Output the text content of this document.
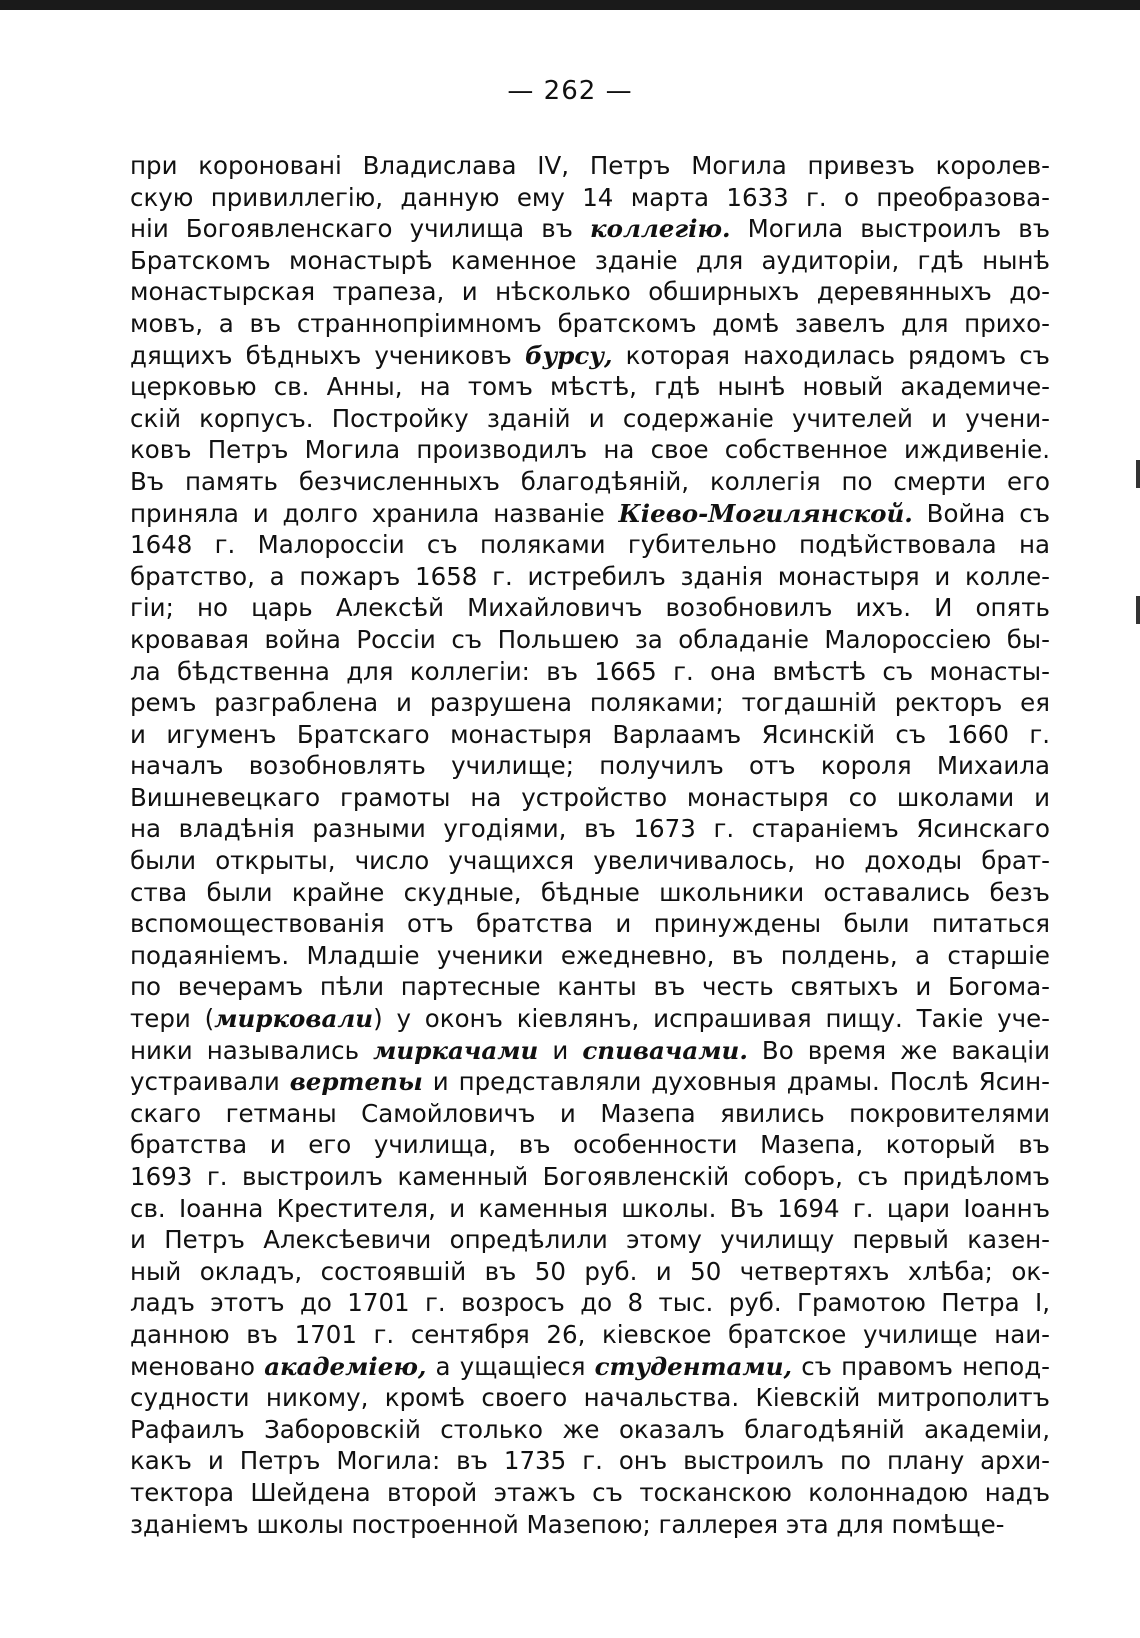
— 262 —
при короновані Владислава IV, Петръ Могила привезъ королев-
скую привиллегію, данную ему 14 марта 1633 г. о преобразова-
ніи Богоявленскаго училища въ коллегію. Могила выстроилъ въ
Братскомъ монастырѣ каменное зданіе для аудиторіи, гдѣ нынѣ
монастырская трапеза, и нѣсколько обширныхъ деревянныхъ до-
мовъ, а въ страннопріимномъ братскомъ домѣ завелъ для прихо-
дящихъ бѣдныхъ учениковъ бурсу, которая находилась рядомъ съ
церковью св. Анны, на томъ мѣстѣ, гдѣ нынѣ новый академиче-
скій корпусъ. Постройку зданій и содержаніе учителей и учени-
ковъ Петръ Могила производилъ на свое собственное иждивеніе.
Въ память безчисленныхъ благодѣяній, коллегія по смерти его
приняла и долго хранила названіе Кіево-Могилянской. Война съ
1648 г. Малороссіи съ поляками губительно подѣйствовала на
братство, а пожаръ 1658 г. истребилъ зданія монастыря и колле-
гіи; но царь Алексѣй Михайловичъ возобновилъ ихъ. И опять
кровавая война Россіи съ Польшею за обладаніе Малороссіею бы-
ла бѣдственна для коллегіи: въ 1665 г. она вмѣстѣ съ монасты-
ремъ разграблена и разрушена поляками; тогдашній ректоръ ея
и игуменъ Братскаго монастыря Варлаамъ Ясинскій съ 1660 г.
началъ возобновлять училище; получилъ отъ короля Михаила
Вишневецкаго грамоты на устройство монастыря со школами и
на владѣнія разными угодіями, въ 1673 г. стараніемъ Ясинскаго
были открыты, число учащихся увеличивалось, но доходы брат-
ства были крайне скудные, бѣдные школьники оставались безъ
вспомоществованія отъ братства и принуждены были питаться
подаяніемъ. Младшіе ученики ежедневно, въ полдень, а старшіе
по вечерамъ пѣли партесные канты въ честь святыхъ и Богома-
тери (мирковали) у оконъ кіевлянъ, испрашивая пищу. Такіе уче-
ники назывались миркачами и спивачами. Во время же вакаціи
устраивали вертепы и представляли духовныя драмы. Послѣ Ясин-
скаго гетманы Самойловичъ и Мазепа явились покровителями
братства и его училища, въ особенности Мазепа, который въ
1693 г. выстроилъ каменный Богоявленскій соборъ, съ придѣломъ
св. Іоанна Крестителя, и каменныя школы. Въ 1694 г. цари Іоаннъ
и Петръ Алексѣевичи опредѣлили этому училищу первый казен-
ный окладъ, состоявшій въ 50 руб. и 50 четвертяхъ хлѣба; ок-
ладъ этотъ до 1701 г. возросъ до 8 тыс. руб. Грамотою Петра I,
данною въ 1701 г. сентября 26, кіевское братское училище наи-
меновано академіею, а ущащіеся студентами, съ правомъ непод-
судности никому, кромѣ своего начальства. Кіевскій митрополитъ
Рафаилъ Заборовскій столько же оказалъ благодѣяній академіи,
какъ и Петръ Могила: въ 1735 г. онъ выстроилъ по плану архи-
тектора Шейдена второй этажъ съ тосканскою колоннадою надъ
зданіемъ школы построенной Мазепою; галлерея эта для помѣще-
